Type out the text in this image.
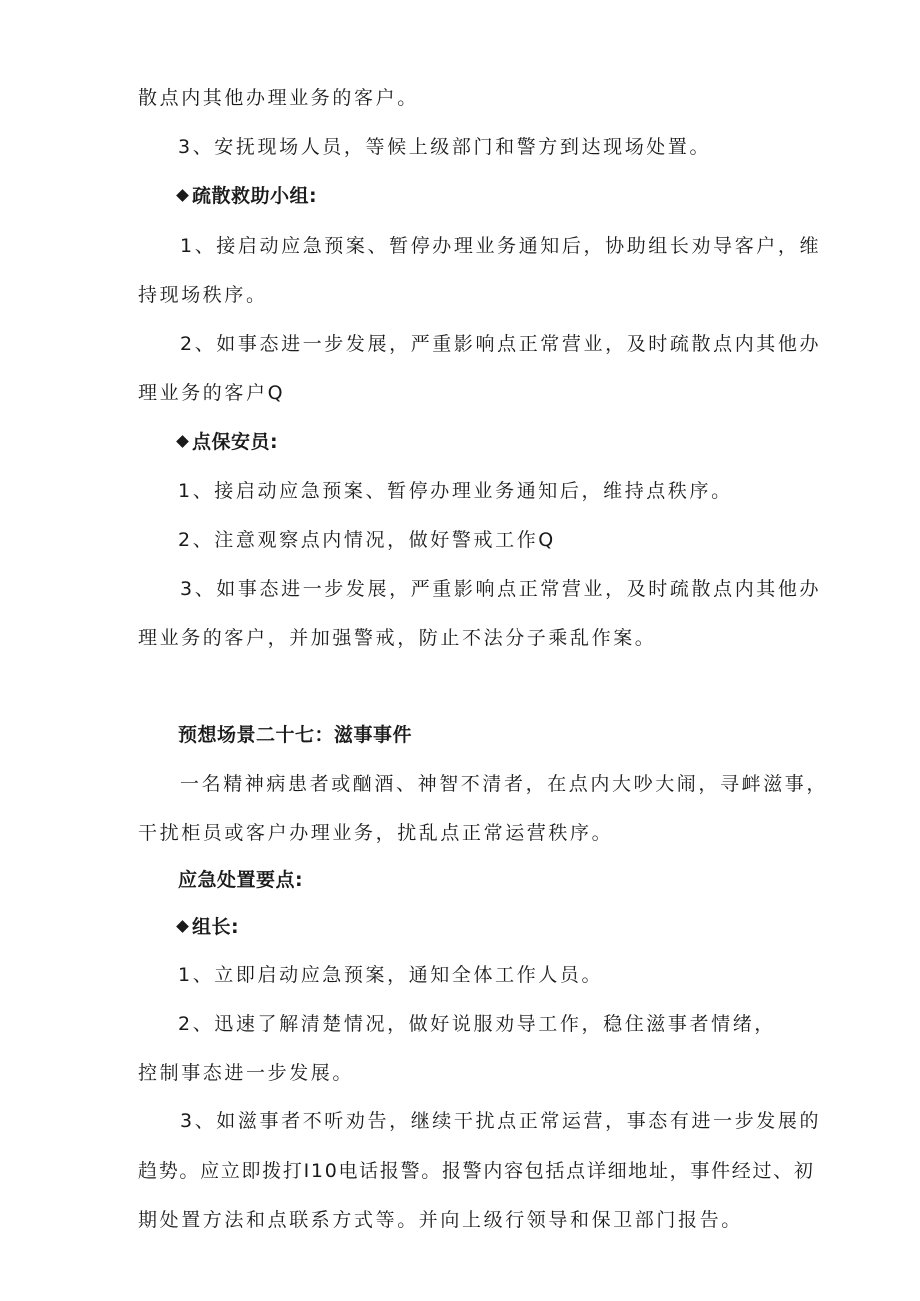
散点内其他办理业务的客户。
3、安抚现场人员，等候上级部门和警方到达现场处置。
疏散救助小组:
1、接启动应急预案、暂停办理业务通知后，协助组长劝导客户，维
持现场秩序。
2、如事态进一步发展，严重影响点正常营业，及时疏散点内其他办
理业务的客户Q
点保安员:
1、接启动应急预案、暂停办理业务通知后，维持点秩序。
2、注意观察点内情况，做好警戒工作Q
3、如事态进一步发展，严重影响点正常营业，及时疏散点内其他办
理业务的客户，并加强警戒，防止不法分子乘乱作案。
预想场景二十七：滋事事件
一名精神病患者或酗酒、神智不清者，在点内大吵大闹，寻衅滋事，
干扰柜员或客户办理业务，扰乱点正常运营秩序。
应急处置要点:
组长:
1、立即启动应急预案，通知全体工作人员。
2、迅速了解清楚情况，做好说服劝导工作，稳住滋事者情绪，
控制事态进一步发展。
3、如滋事者不听劝告，继续干扰点正常运营，事态有进一步发展的
趋势。应立即拨打I10电话报警。报警内容包括点详细地址，事件经过、初
期处置方法和点联系方式等。并向上级行领导和保卫部门报告。
